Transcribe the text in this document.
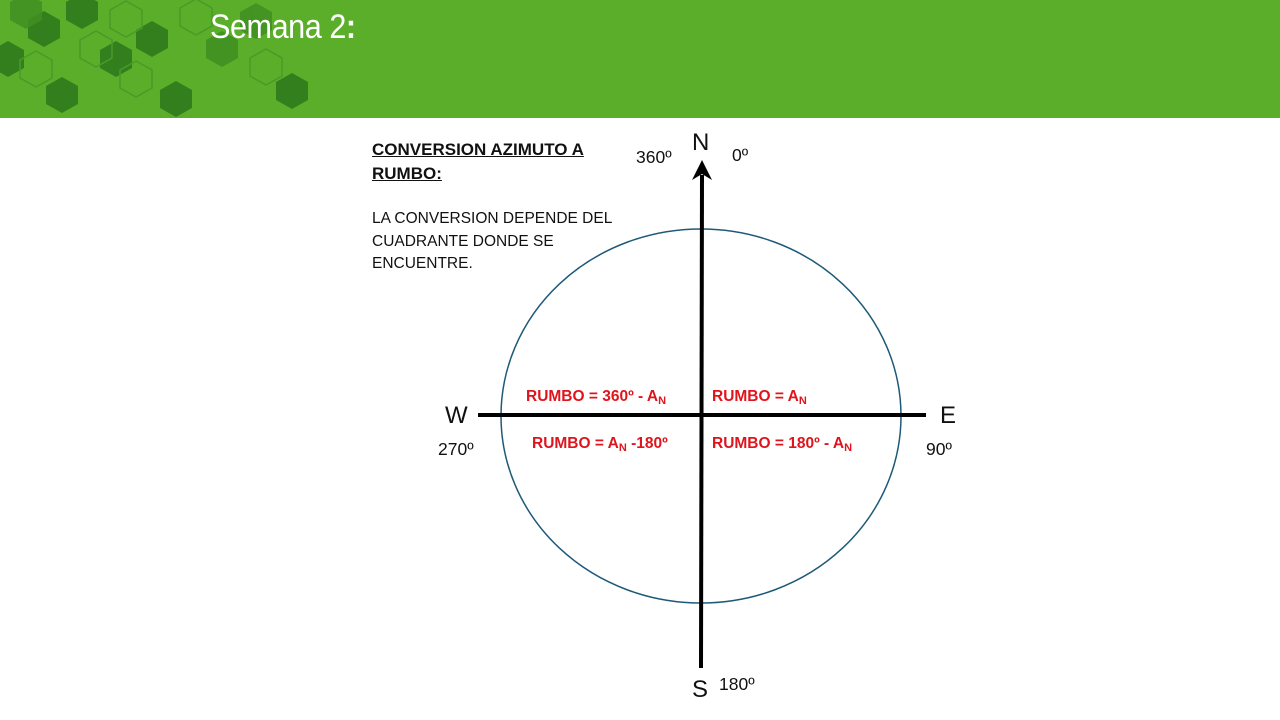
Semana 2:
N
S
E
W
360º	0º
180º
90º
270º
RUMBO = 360º - AN	RUMBO = AN
RUMBO = AN -180º	RUMBO = 180º - AN
CONVERSION AZIMUTO A RUMBO:
LA CONVERSION DEPENDE DEL CUADRANTE DONDE SE ENCUENTRE.
